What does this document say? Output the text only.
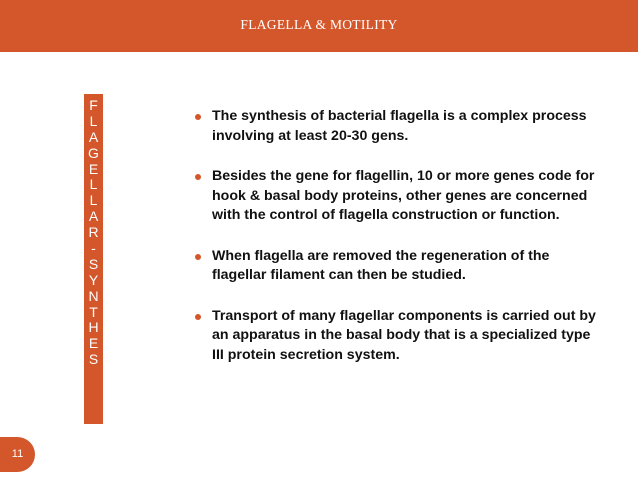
FLAGELLA & MOTILITY
F
L
A
G
E
L
L
A
R
-
S
Y
N
T
H
E
S
The synthesis of bacterial flagella is a complex process involving at least 20-30 gens.
Besides the gene for flagellin, 10 or more genes code for hook & basal body proteins, other genes are concerned with the control of flagella construction or function.
When flagella are removed the regeneration of the flagellar filament can then be studied.
Transport of many flagellar components is carried out by an apparatus in the basal body that is a specialized type III protein secretion system.
11
